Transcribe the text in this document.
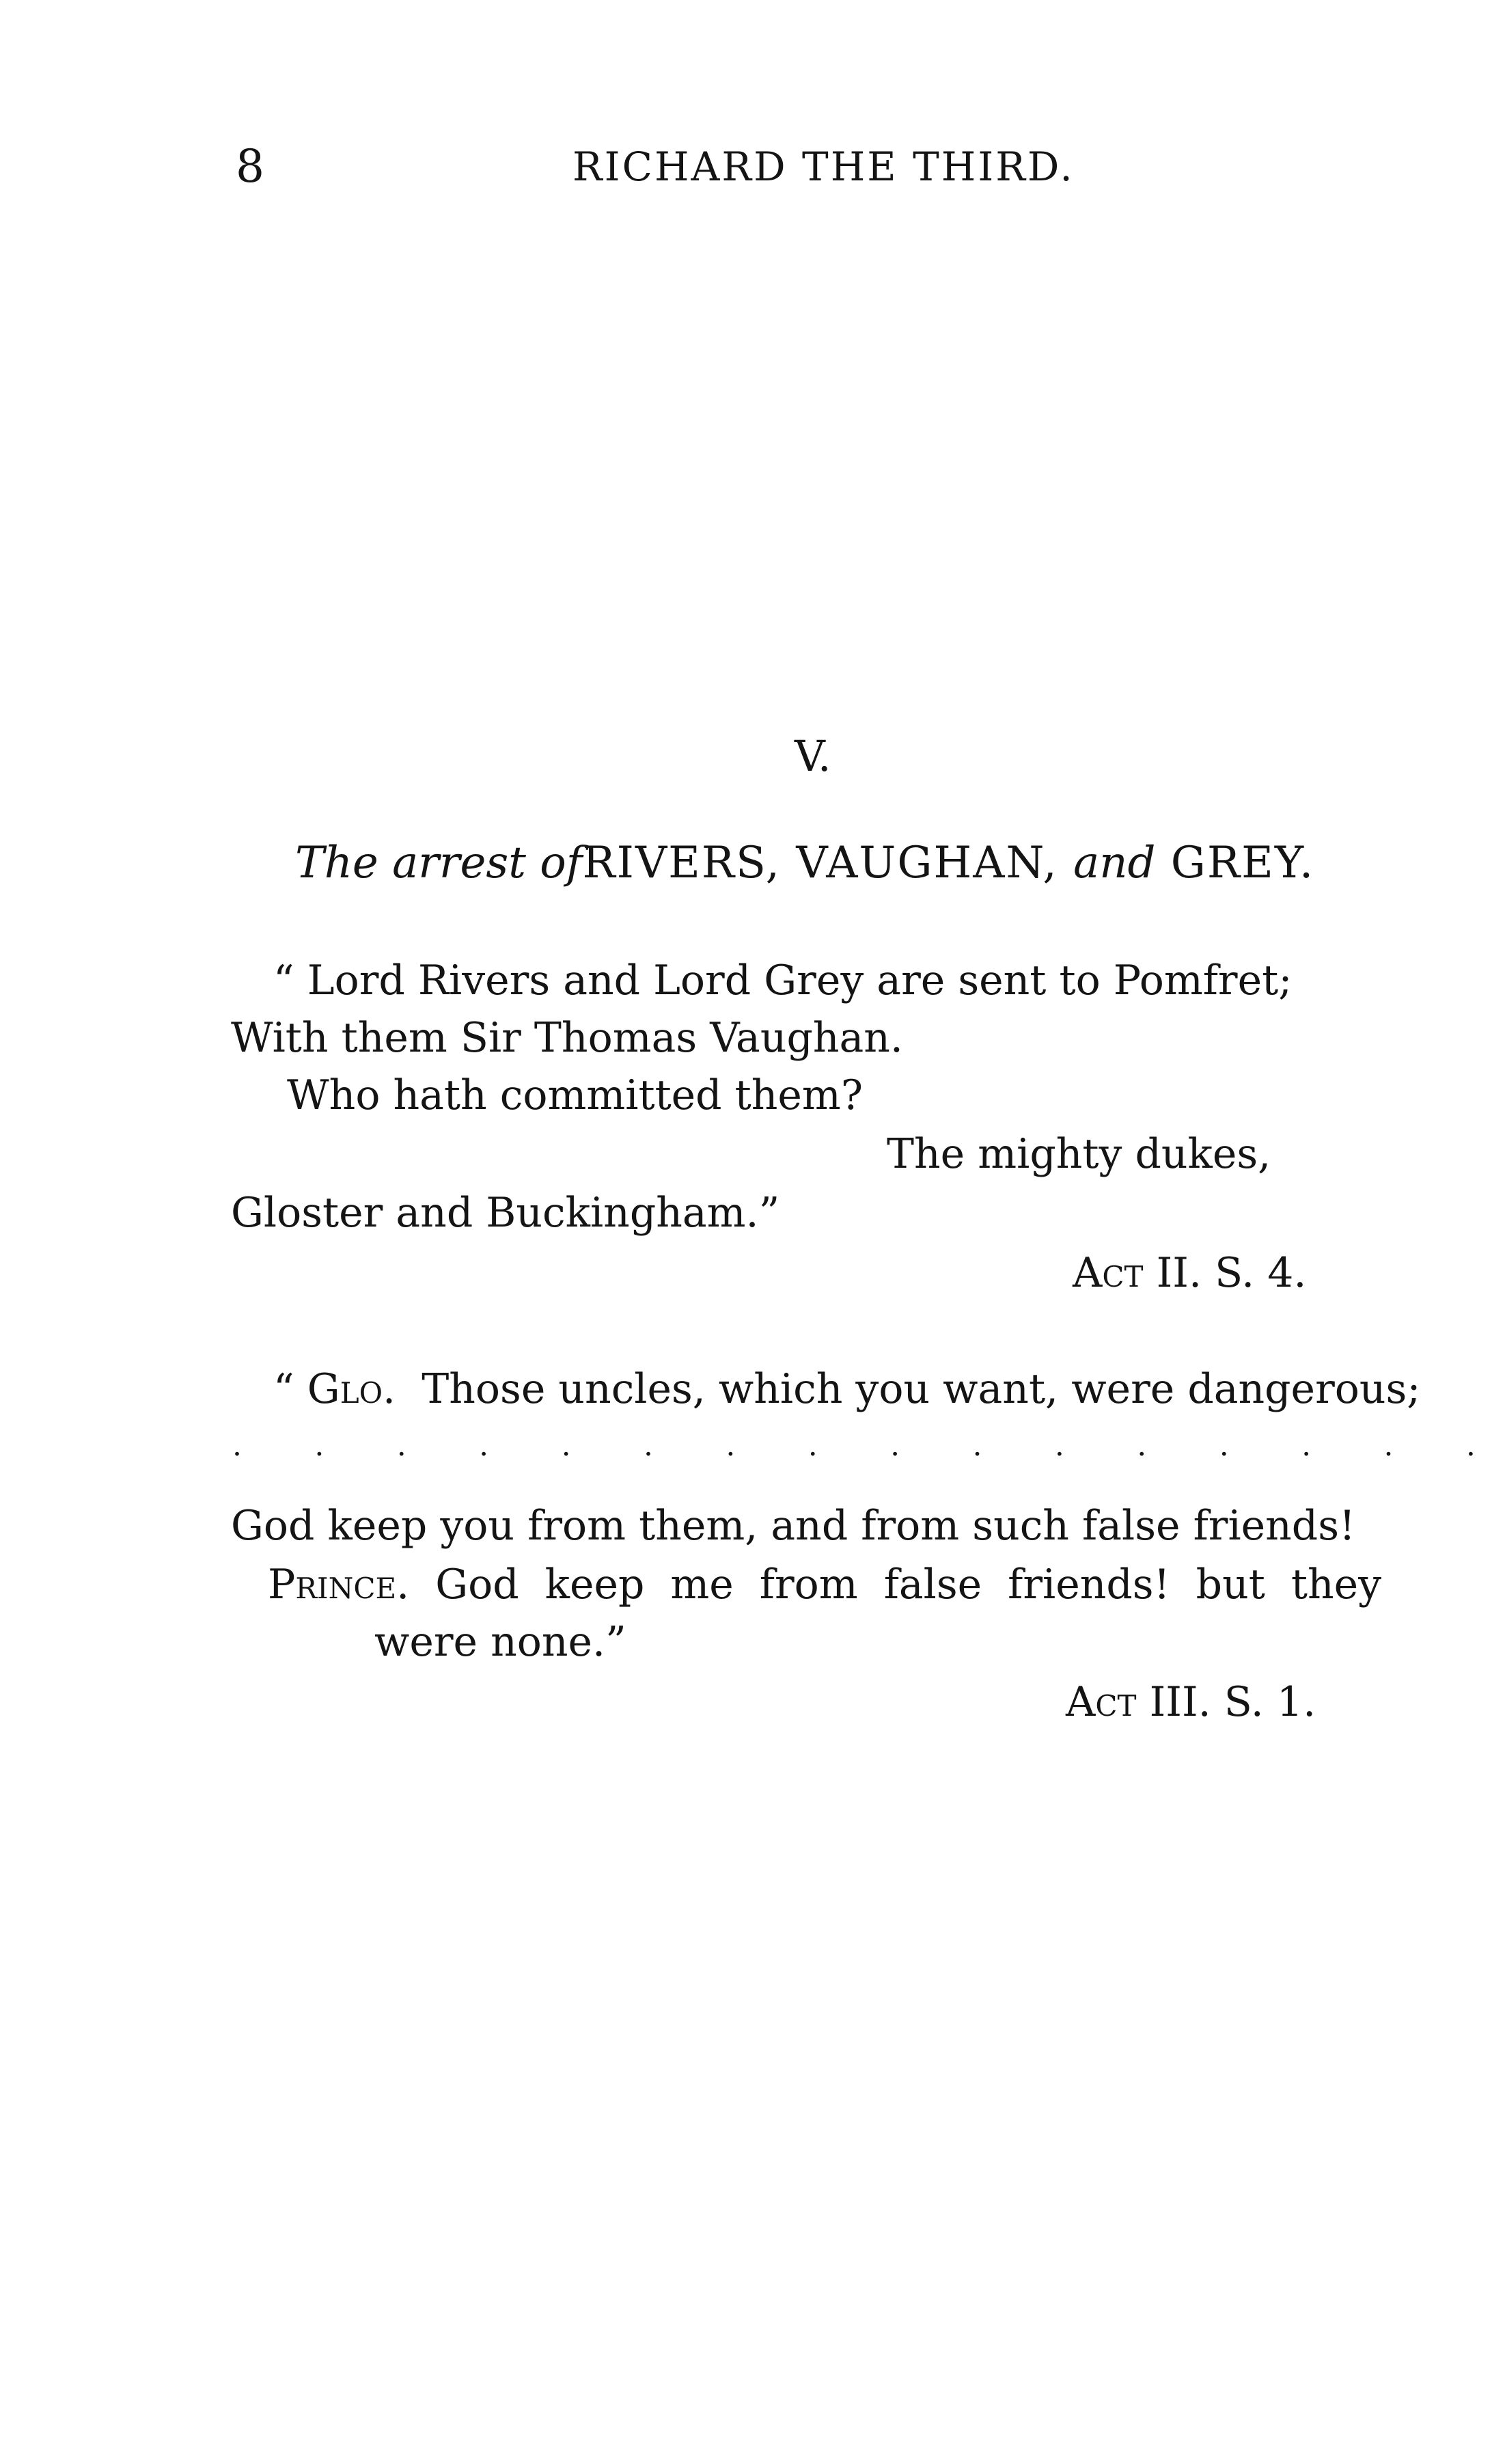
8	RICHARD THE THIRD.
V.
The arrest ofRIVERS, VAUGHAN, and GREY.
“ Lord Rivers and Lord Grey are sent to Pomfret;
With them Sir Thomas Vaughan.
Who hath committed them?
The mighty dukes,
Gloster and Buckingham.”
Act II. S. 4.
“ Glo. Those uncles, which you want, were dangerous;
. . . . . . . . . . . . . . . .
God keep you from them, and from such false friends!
Prince. God keep me from false friends! but they
were none.”
Act III. S. 1.
